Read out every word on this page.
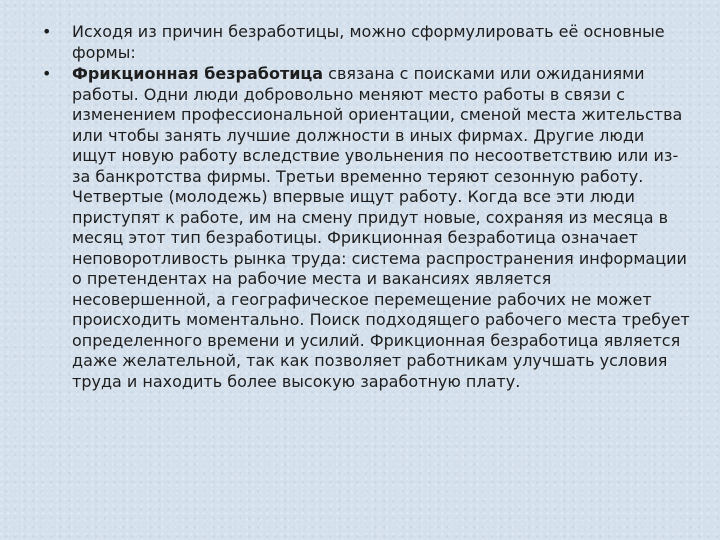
• Исходя из причин безработицы, можно сформулировать её основные формы:
• Фрикционная безработица связана с поисками или ожиданиями работы. Одни люди добровольно меняют место работы в связи с изменением профессиональной ориентации, сменой места жительства или чтобы занять лучшие должности в иных фирмах. Другие люди ищут новую работу вследствие увольнения по несоответствию или из-за банкротства фирмы. Третьи временно теряют сезонную работу. Четвертые (молодежь) впервые ищут работу. Когда все эти люди приступят к работе, им на смену придут новые, сохраняя из месяца в месяц этот тип безработицы. Фрикционная безработица означает неповоротливость рынка труда: система распространения информации о претендентах на рабочие места и вакансиях является несовершенной, а географическое перемещение рабочих не может происходить моментально. Поиск подходящего рабочего места требует определенного времени и усилий. Фрикционная безработица является даже желательной, так как позволяет работникам улучшать условия труда и находить более высокую заработную плату.
